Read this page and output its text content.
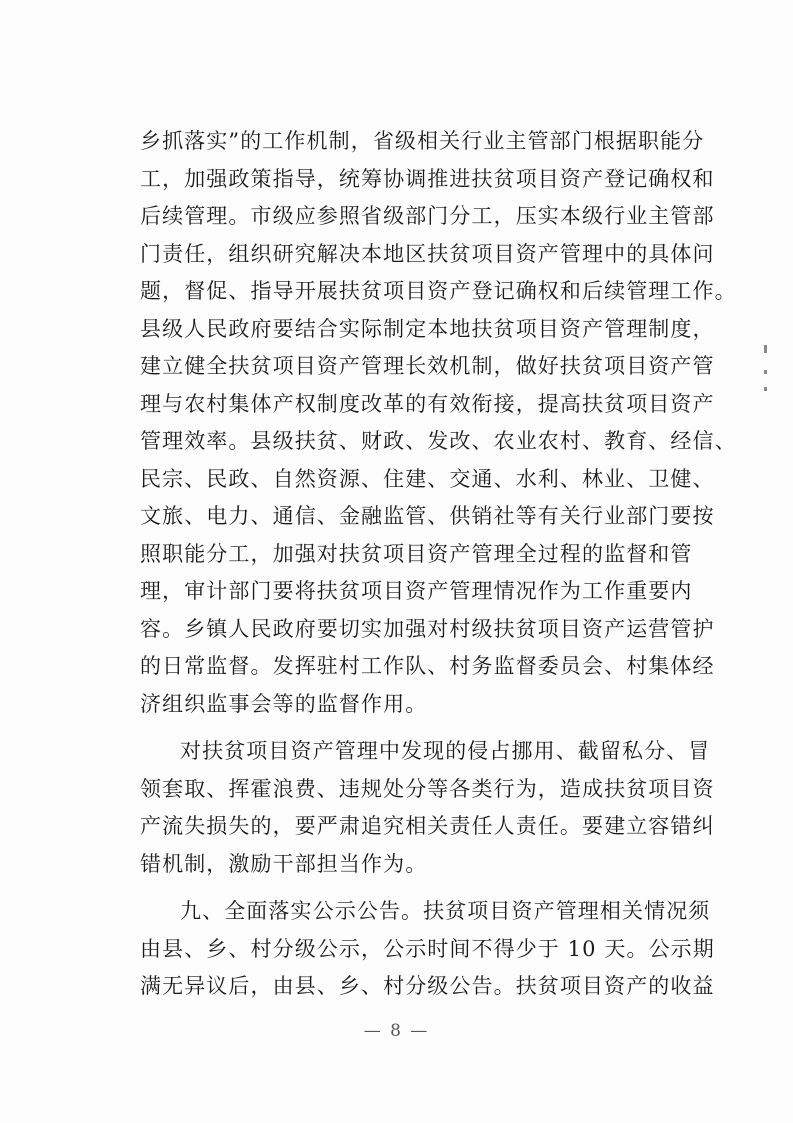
乡抓落实”的工作机制，省级相关行业主管部门根据职能分
工，加强政策指导，统筹协调推进扶贫项目资产登记确权和
后续管理。市级应参照省级部门分工，压实本级行业主管部
门责任，组织研究解决本地区扶贫项目资产管理中的具体问
题，督促、指导开展扶贫项目资产登记确权和后续管理工作。
县级人民政府要结合实际制定本地扶贫项目资产管理制度，
建立健全扶贫项目资产管理长效机制，做好扶贫项目资产管
理与农村集体产权制度改革的有效衔接，提高扶贫项目资产
管理效率。县级扶贫、财政、发改、农业农村、教育、经信、
民宗、民政、自然资源、住建、交通、水利、林业、卫健、
文旅、电力、通信、金融监管、供销社等有关行业部门要按
照职能分工，加强对扶贫项目资产管理全过程的监督和管
理，审计部门要将扶贫项目资产管理情况作为工作重要内
容。乡镇人民政府要切实加强对村级扶贫项目资产运营管护
的日常监督。发挥驻村工作队、村务监督委员会、村集体经
济组织监事会等的监督作用。
对扶贫项目资产管理中发现的侵占挪用、截留私分、冒
领套取、挥霍浪费、违规处分等各类行为，造成扶贫项目资
产流失损失的，要严肃追究相关责任人责任。要建立容错纠
错机制，激励干部担当作为。
九、全面落实公示公告。扶贫项目资产管理相关情况须
由县、乡、村分级公示，公示时间不得少于 10 天。公示期
满无异议后，由县、乡、村分级公告。扶贫项目资产的收益
— 8 —
